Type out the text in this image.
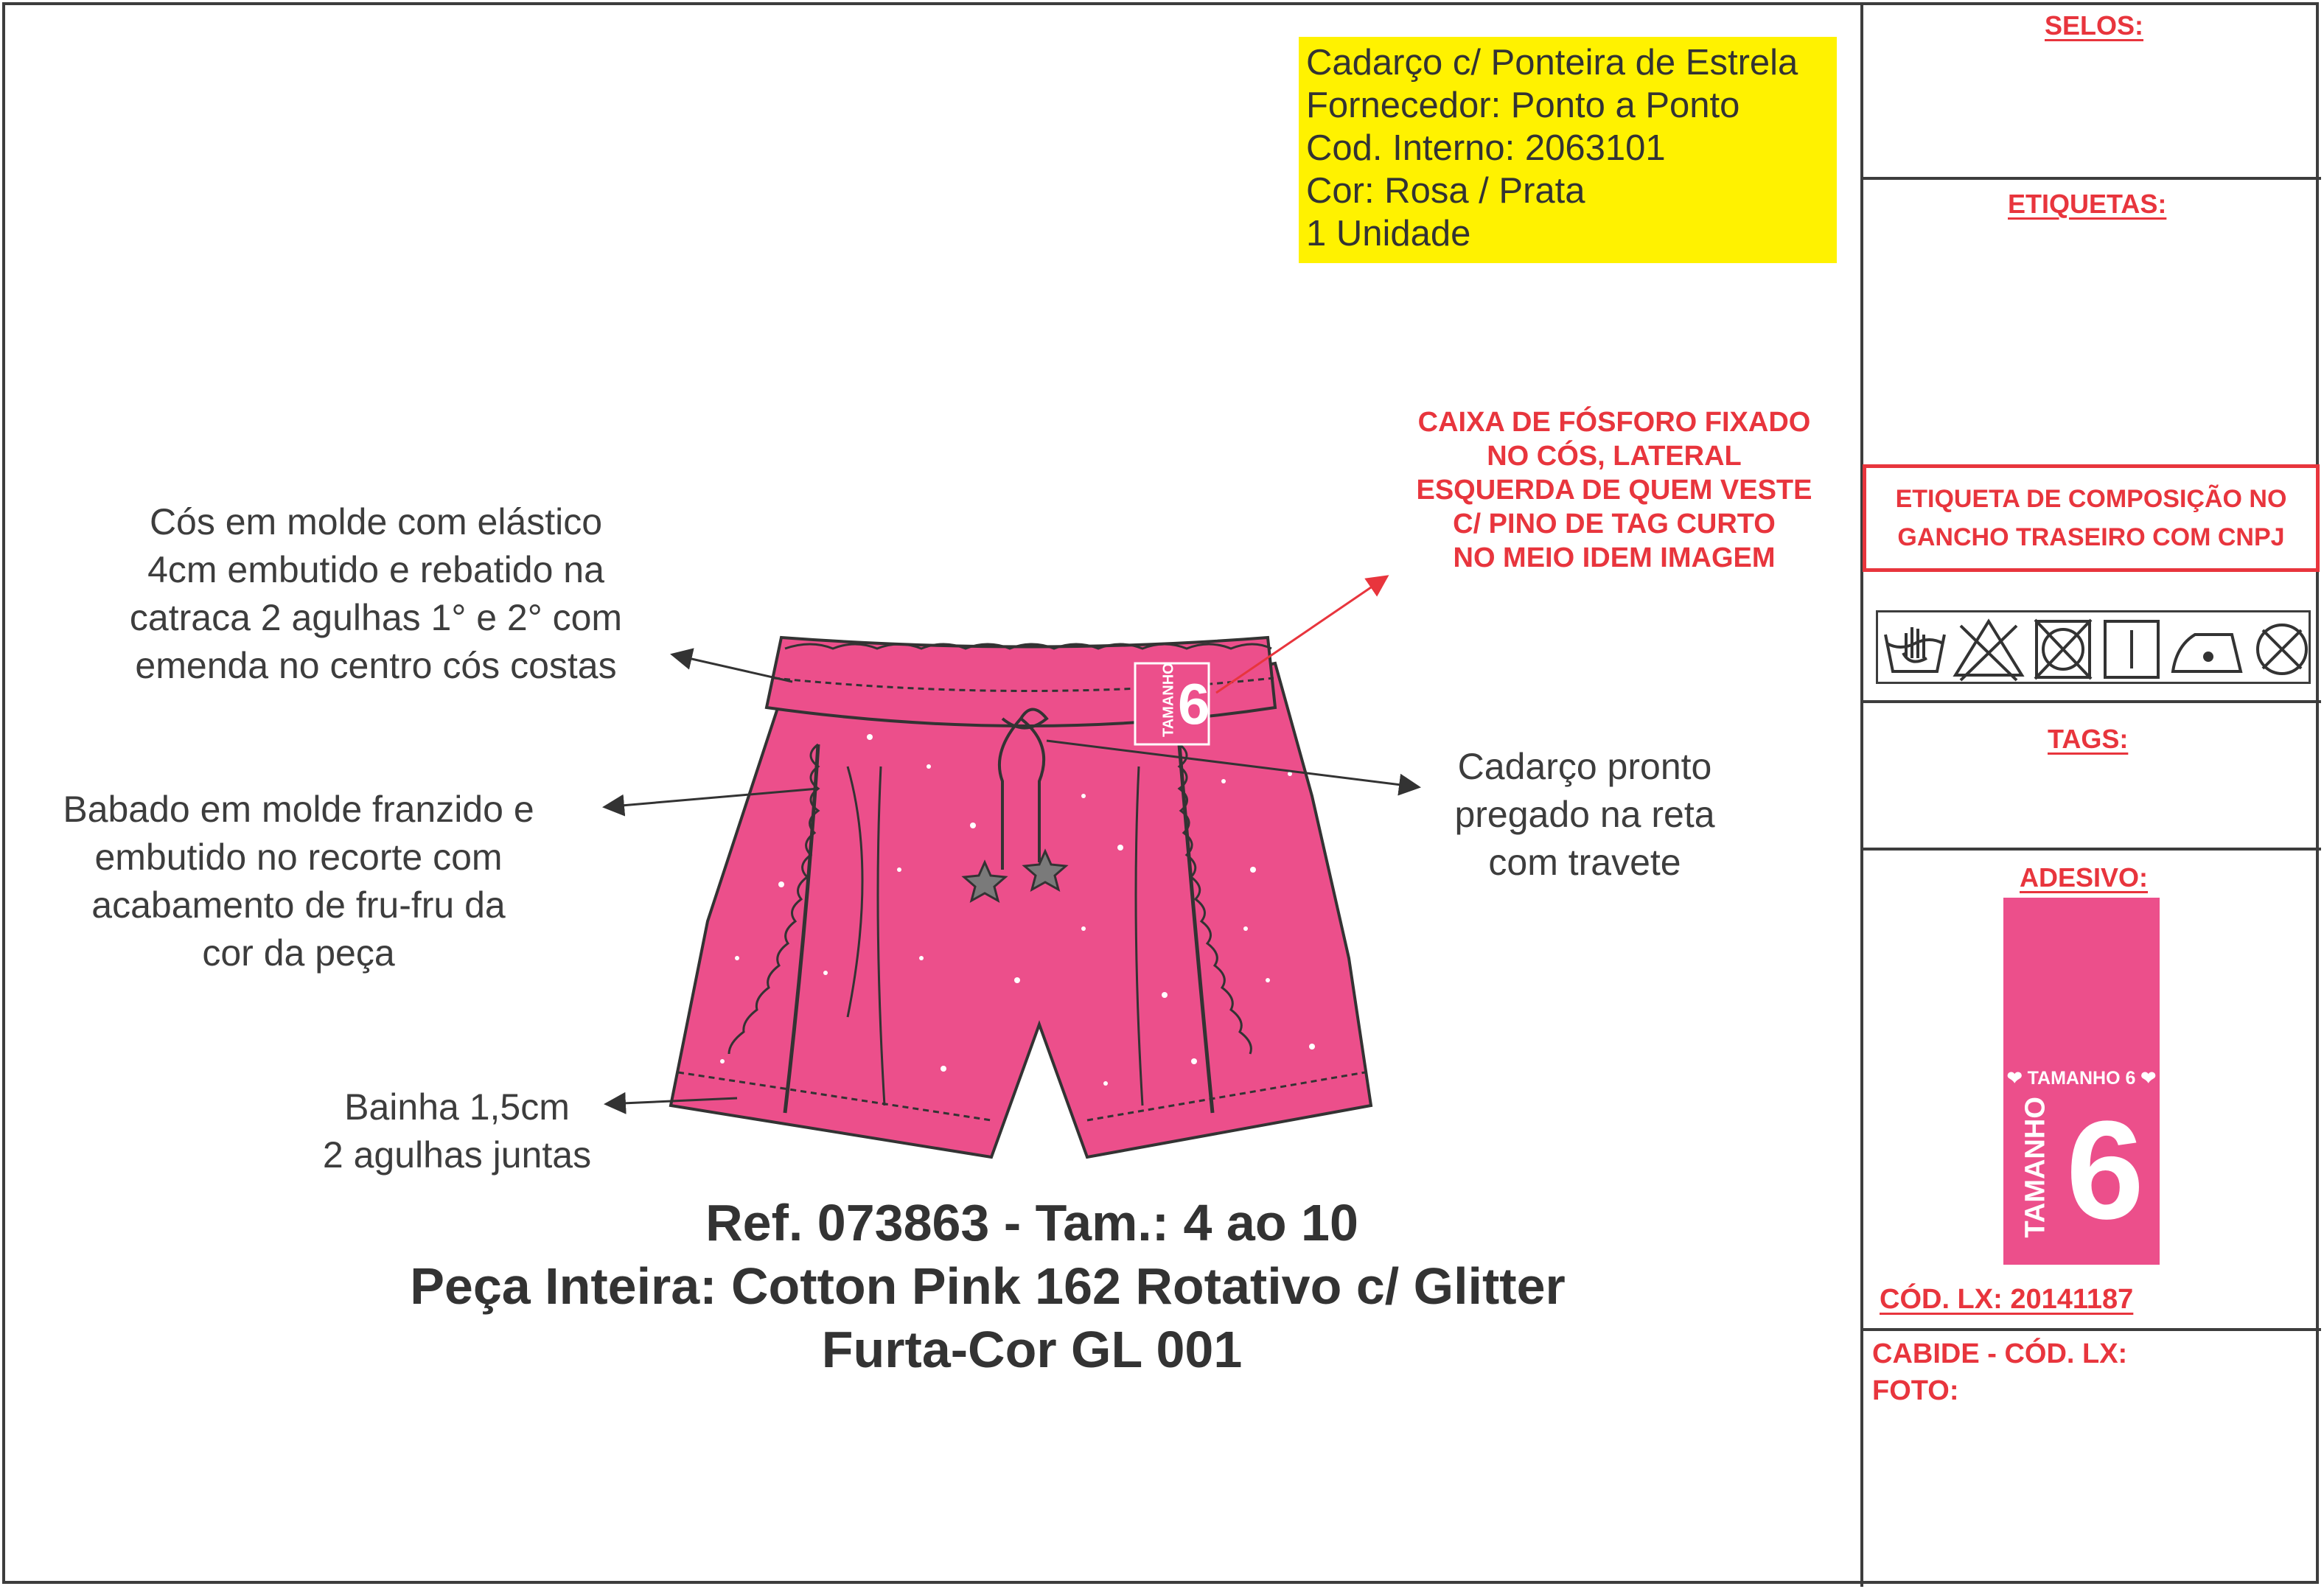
SELOS:
ETIQUETAS:
ETIQUETA DE COMPOSIÇÃO NO
GANCHO TRASEIRO COM CNPJ
TAGS:
ADESIVO:
❤ TAMANHO 6 ❤
TAMANHO 6
CÓD. LX: 20141187
CABIDE - CÓD. LX:
FOTO:
Cadarço c/ Ponteira de Estrela
Fornecedor: Ponto a Ponto
Cod. Interno: 2063101
Cor: Rosa / Prata
1 Unidade
CAIXA DE FÓSFORO FIXADO
NO CÓS, LATERAL
ESQUERDA DE QUEM VESTE
C/ PINO DE TAG CURTO
NO MEIO IDEM IMAGEM
Cós em molde com elástico
4cm embutido e rebatido na
catraca 2 agulhas 1° e 2° com
emenda no centro cós costas
Babado em molde franzido e
embutido no recorte com
acabamento de fru-fru da
cor da peça
Bainha 1,5cm
2 agulhas juntas
Cadarço pronto
pregado na reta
com travete
TAMANHO 6
Ref. 073863 - Tam.: 4 ao 10
Peça Inteira: Cotton Pink 162 Rotativo c/ Glitter
Furta-Cor GL 001
